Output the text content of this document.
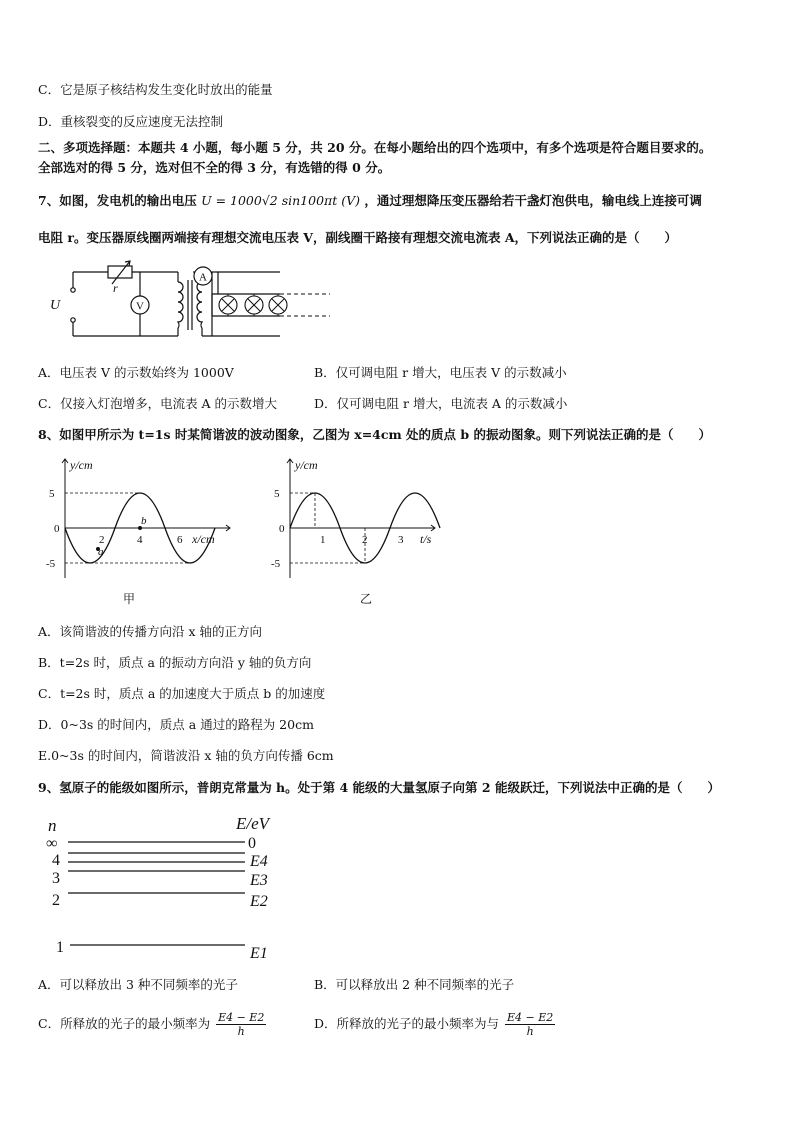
C．它是原子核结构发生变化时放出的能量
D．重核裂变的反应速度无法控制
二、多项选择题：本题共 4 小题，每小题 5 分，共 20 分。在每小题给出的四个选项中，有多个选项是符合题目要求的。
全部选对的得 5 分，选对但不全的得 3 分，有选错的得 0 分。
7、如图，发电机的输出电压 U = 1000√2 sin100πt (V) ，通过理想降压变压器给若干盏灯泡供电，输电线上连接可调
电阻 r。变压器原线圈两端接有理想交流电压表 V，副线圈干路接有理想交流电流表 A，下列说法正确的是（　　）
V
A
U
r
A．电压表 V 的示数始终为 1000V	B．仅可调电阻 r 增大，电压表 V 的示数减小
C．仅接入灯泡增多，电流表 A 的示数增大	D．仅可调电阻 r 增大，电流表 A 的示数减小
8、如图甲所示为 t=1s 时某简谐波的波动图象，乙图为 x=4cm 处的质点 b 的振动图象。则下列说法正确的是（　　）
5
0
-5
2	4	6
y/cm
x/cm
a
b
甲
5
0
-5
1	2	3
y/cm
t/s
乙
A．该简谐波的传播方向沿 x 轴的正方向
B．t=2s 时，质点 a 的振动方向沿 y 轴的负方向
C．t=2s 时，质点 a 的加速度大于质点 b 的加速度
D．0~3s 的时间内，质点 a 通过的路程为 20cm
E.0~3s 的时间内，简谐波沿 x 轴的负方向传播 6cm
9、氢原子的能级如图所示，普朗克常量为 h。处于第 4 能级的大量氢原子向第 2 能级跃迁，下列说法中正确的是（　　）
n	E/eV
∞	0
4
3
2
1
E4
E3
E2
E1
A．可以释放出 3 种不同频率的光子	B．可以释放出 2 种不同频率的光子
C．所释放的光子的最小频率为 $\frac{E4 - E2}{h}$	D．所释放的光子的最小频率为与 $\frac{E4 - E2}{h}$
